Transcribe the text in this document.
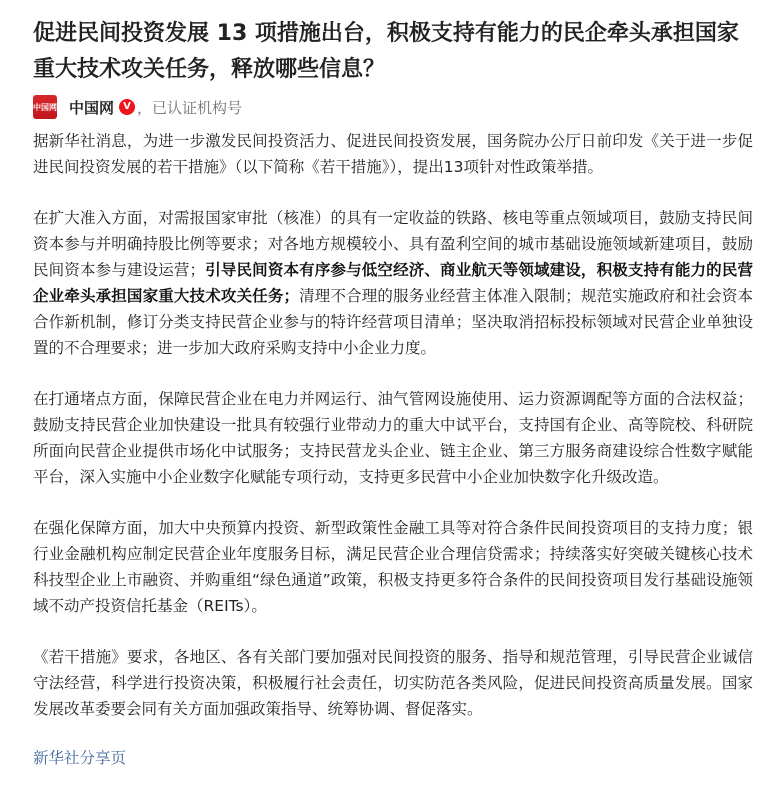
促进民间投资发展 13 项措施出台，积极支持有能力的民企牵头承担国家重大技术攻关任务，释放哪些信息？
中国网 中国网 V ，已认证机构号

据新华社消息，为进一步激发民间投资活力、促进民间投资发展，国务院办公厅日前印发《关于进一步促进民间投资发展的若干措施》（以下简称《若干措施》），提出13项针对性政策举措。

在扩大准入方面，对需报国家审批（核准）的具有一定收益的铁路、核电等重点领域项目，鼓励支持民间资本参与并明确持股比例等要求；对各地方规模较小、具有盈利空间的城市基础设施领域新建项目，鼓励民间资本参与建设运营；引导民间资本有序参与低空经济、商业航天等领域建设，积极支持有能力的民营企业牵头承担国家重大技术攻关任务；清理不合理的服务业经营主体准入限制；规范实施政府和社会资本合作新机制，修订分类支持民营企业参与的特许经营项目清单；坚决取消招标投标领域对民营企业单独设置的不合理要求；进一步加大政府采购支持中小企业力度。

在打通堵点方面，保障民营企业在电力并网运行、油气管网设施使用、运力资源调配等方面的合法权益；鼓励支持民营企业加快建设一批具有较强行业带动力的重大中试平台，支持国有企业、高等院校、科研院所面向民营企业提供市场化中试服务；支持民营龙头企业、链主企业、第三方服务商建设综合性数字赋能平台，深入实施中小企业数字化赋能专项行动，支持更多民营中小企业加快数字化升级改造。

在强化保障方面，加大中央预算内投资、新型政策性金融工具等对符合条件民间投资项目的支持力度；银行业金融机构应制定民营企业年度服务目标，满足民营企业合理信贷需求；持续落实好突破关键核心技术科技型企业上市融资、并购重组“绿色通道”政策，积极支持更多符合条件的民间投资项目发行基础设施领域不动产投资信托基金（REITs）。

《若干措施》要求，各地区、各有关部门要加强对民间投资的服务、指导和规范管理，引导民营企业诚信守法经营，科学进行投资决策，积极履行社会责任，切实防范各类风险，促进民间投资高质量发展。国家发展改革委要会同有关方面加强政策指导、统筹协调、督促落实。

新华社分享页
